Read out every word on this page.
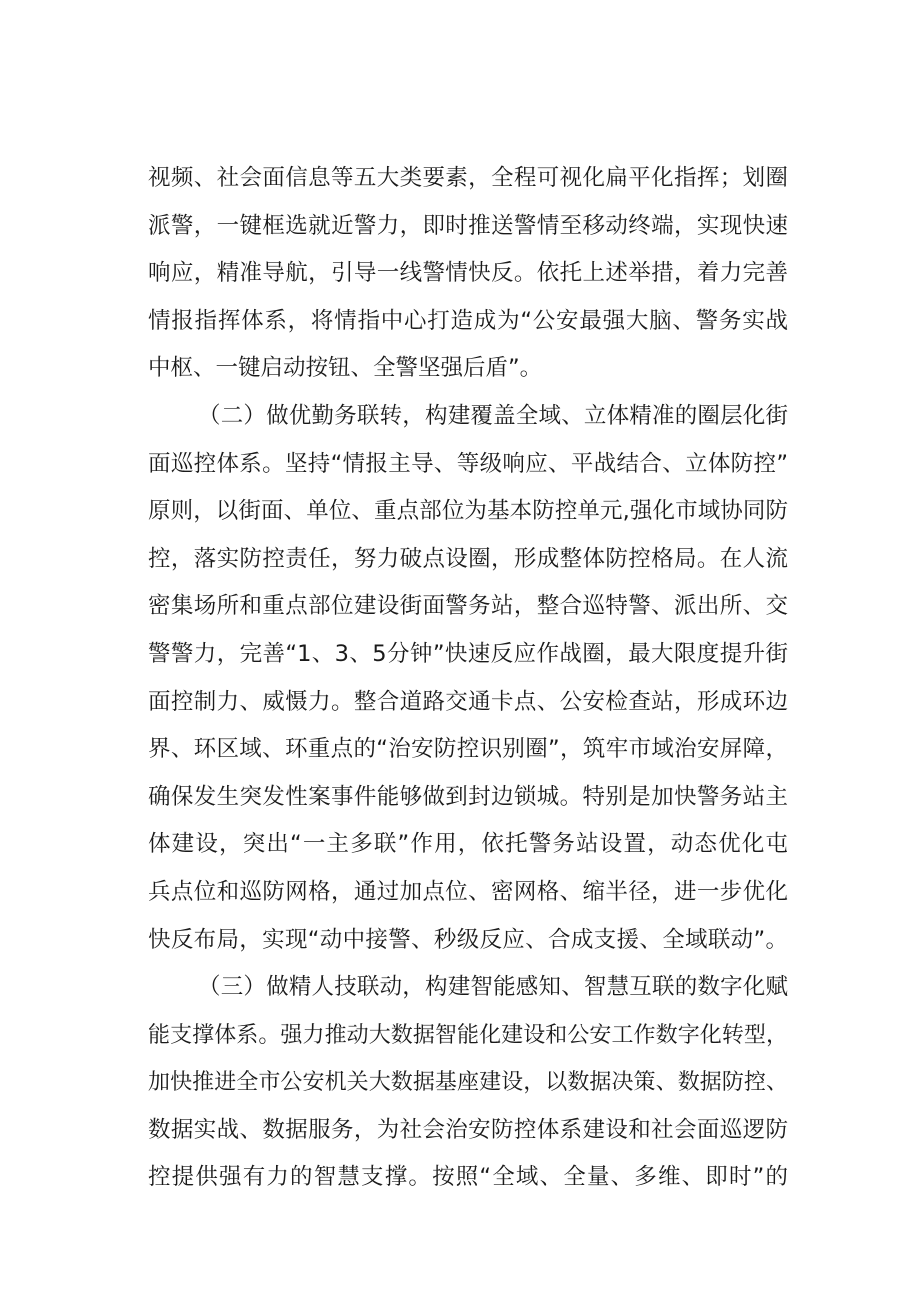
视频、社会面信息等五大类要素，全程可视化扁平化指挥；划圈
派警，一键框选就近警力，即时推送警情至移动终端，实现快速
响应，精准导航，引导一线警情快反。依托上述举措，着力完善
情报指挥体系，将情指中心打造成为“公安最强大脑、警务实战
中枢、一键启动按钮、全警坚强后盾”。
（二）做优勤务联转，构建覆盖全域、立体精准的圈层化街
面巡控体系。坚持“情报主导、等级响应、平战结合、立体防控”
原则，以街面、单位、重点部位为基本防控单元,强化市域协同防
控，落实防控责任，努力破点设圈，形成整体防控格局。在人流
密集场所和重点部位建设街面警务站，整合巡特警、派出所、交
警警力，完善“1、3、5分钟”快速反应作战圈，最大限度提升街
面控制力、威慑力。整合道路交通卡点、公安检查站，形成环边
界、环区域、环重点的“治安防控识别圈”，筑牢市域治安屏障，
确保发生突发性案事件能够做到封边锁城。特别是加快警务站主
体建设，突出“一主多联”作用，依托警务站设置，动态优化屯
兵点位和巡防网格，通过加点位、密网格、缩半径，进一步优化
快反布局，实现“动中接警、秒级反应、合成支援、全域联动”。
（三）做精人技联动，构建智能感知、智慧互联的数字化赋
能支撑体系。强力推动大数据智能化建设和公安工作数字化转型，
加快推进全市公安机关大数据基座建设，以数据决策、数据防控、
数据实战、数据服务，为社会治安防控体系建设和社会面巡逻防
控提供强有力的智慧支撑。按照“全域、全量、多维、即时”的
